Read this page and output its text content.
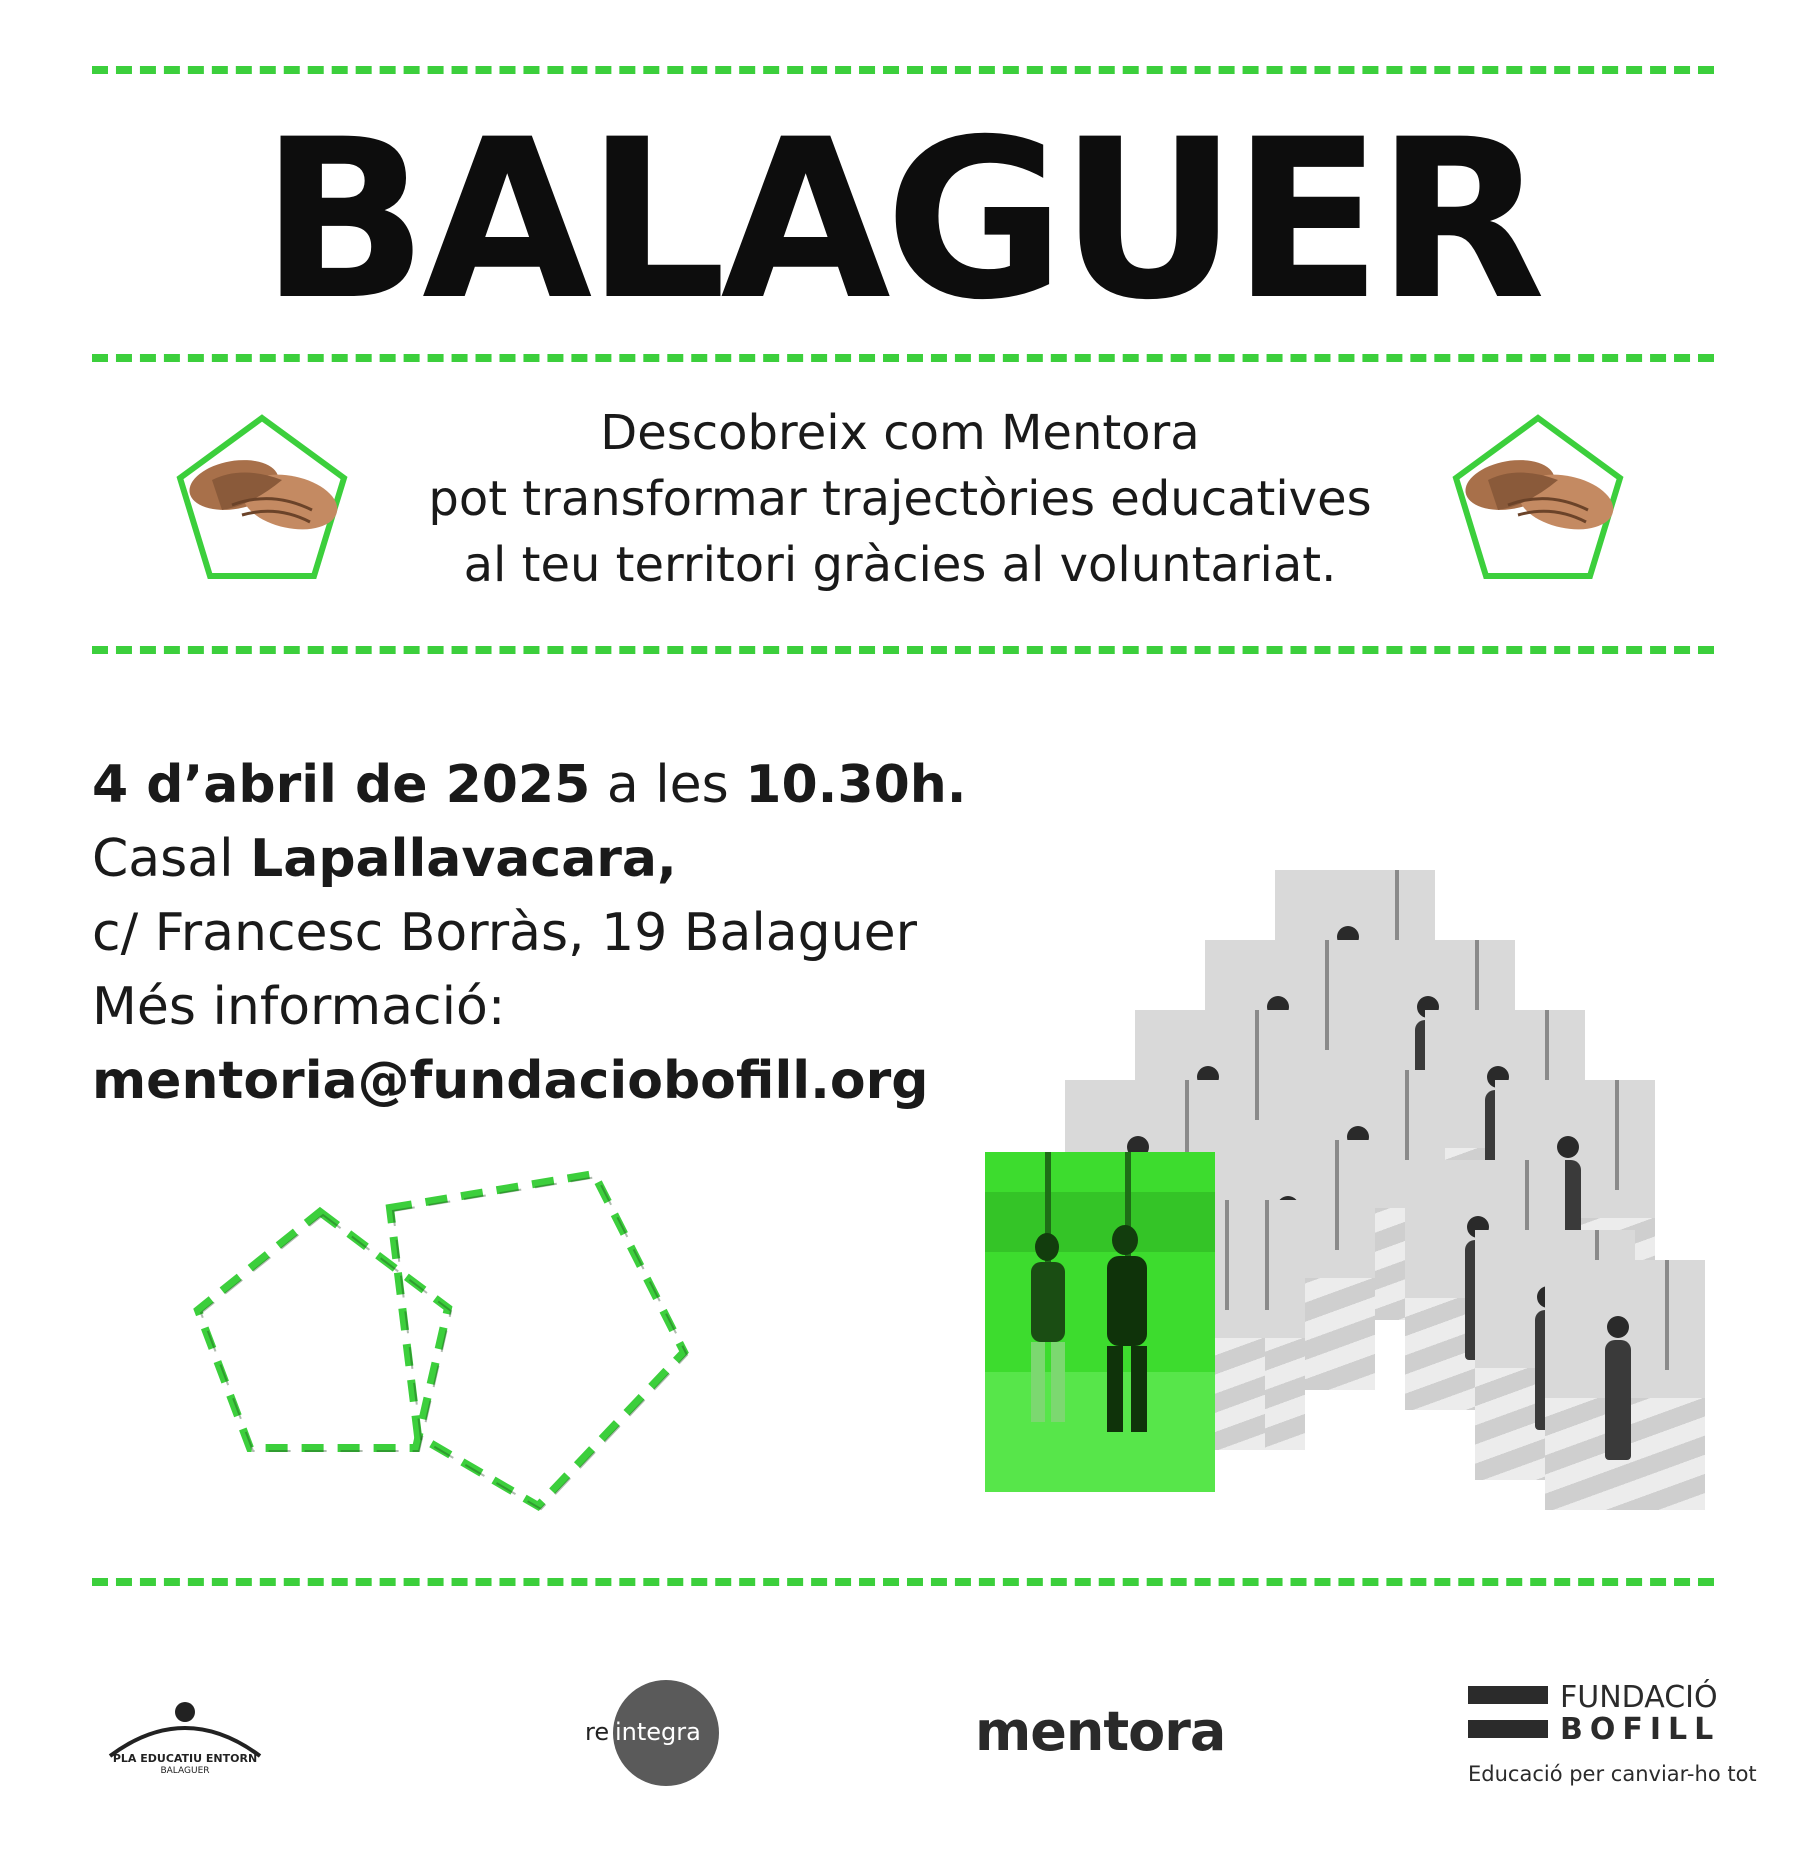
BALAGUER
Descobreix com Mentora
pot transformar trajectòries educatives
al teu territori gràcies al voluntariat.
4 d’abril de 2025 a les 10.30h.
Casal Lapallavacara,
c/ Francesc Borràs, 19 Balaguer
Més informació:
mentoria@fundaciobofill.org
PLA EDUCATIU ENTORN
BALAGUER
re integra	mentora
FUNDACIÓ
BOFILL
Educació per canviar-ho tot
